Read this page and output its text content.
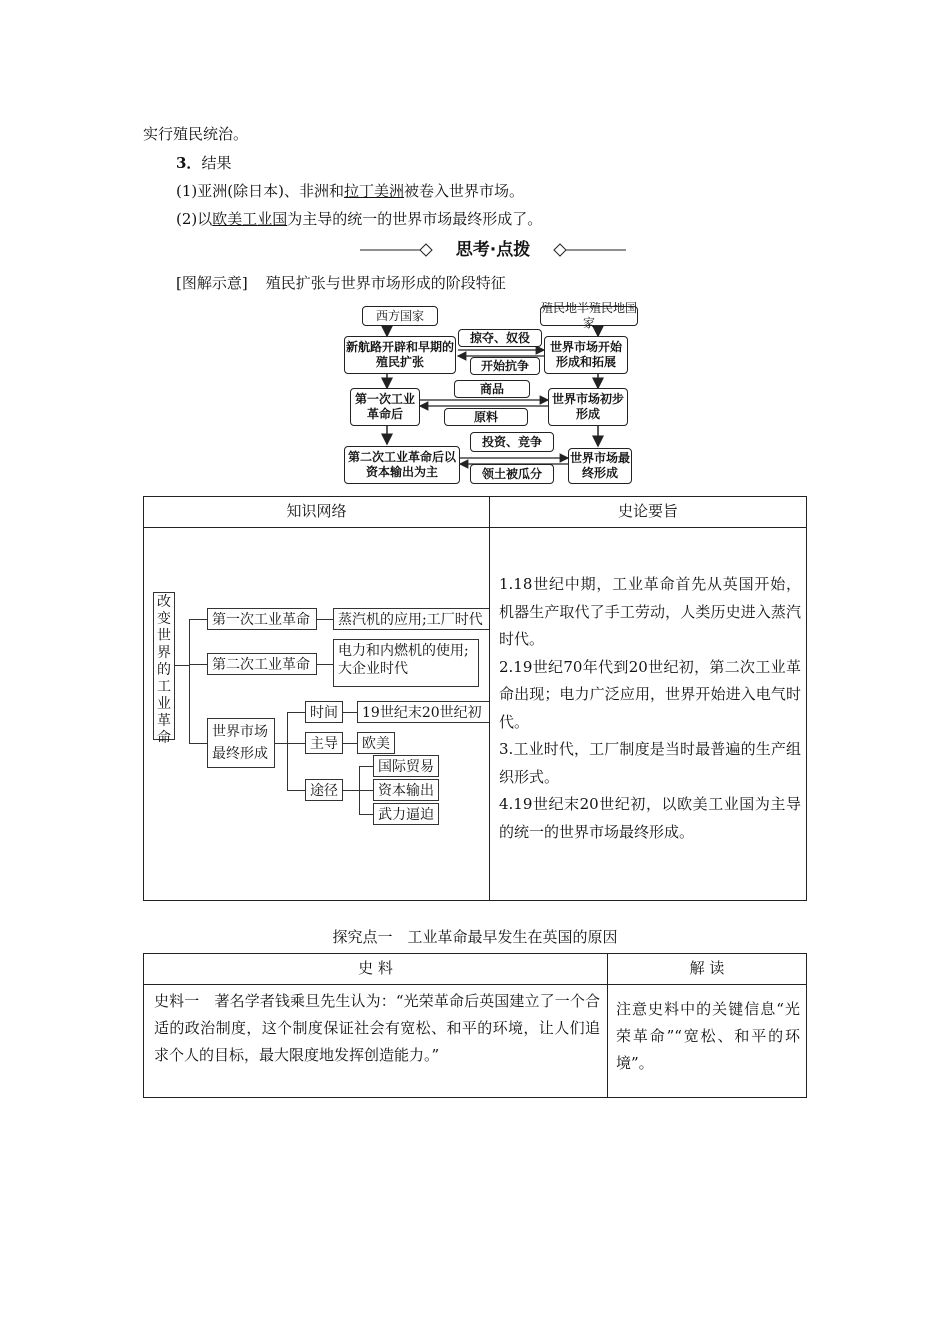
实行殖民统治。
3．结果
(1)亚洲(除日本)、非洲和拉丁美洲被卷入世界市场。
(2)以欧美工业国为主导的统一的世界市场最终形成了。
思考·点拨
[图解示意] 殖民扩张与世界市场形成的阶段特征
西方国家
殖民地半殖民地国家
新航路开辟和早期的殖民扩张
掠夺、奴役
开始抗争
世界市场开始形成和拓展
第一次工业革命后
商品
原料
世界市场初步形成
第二次工业革命后以资本输出为主
投资、竞争
领土被瓜分
世界市场最终形成
知识网络	史论要旨
改变世界的工业革命
第一次工业革命	蒸汽机的应用;工厂时代
第二次工业革命
电力和内燃机的使用;大企业时代
世界市场最终形成
时间	19世纪末20世纪初
主导	欧美
途径
国际贸易
资本输出
武力逼迫
1.18世纪中期，工业革命首先从英国开始，机器生产取代了手工劳动，人类历史进入蒸汽时代。
2.19世纪70年代到20世纪初，第二次工业革命出现；电力广泛应用，世界开始进入电气时代。
3.工业时代，工厂制度是当时最普遍的生产组织形式。
4.19世纪末20世纪初，以欧美工业国为主导的统一的世界市场最终形成。
探究点一　工业革命最早发生在英国的原因
史 料	解 读
史料一　著名学者钱乘旦先生认为：“光荣革命后英国建立了一个合适的政治制度，这个制度保证社会有宽松、和平的环境，让人们追求个人的目标，最大限度地发挥创造能力。”
注意史料中的关键信息“光荣革命”“宽松、和平的环境”。
